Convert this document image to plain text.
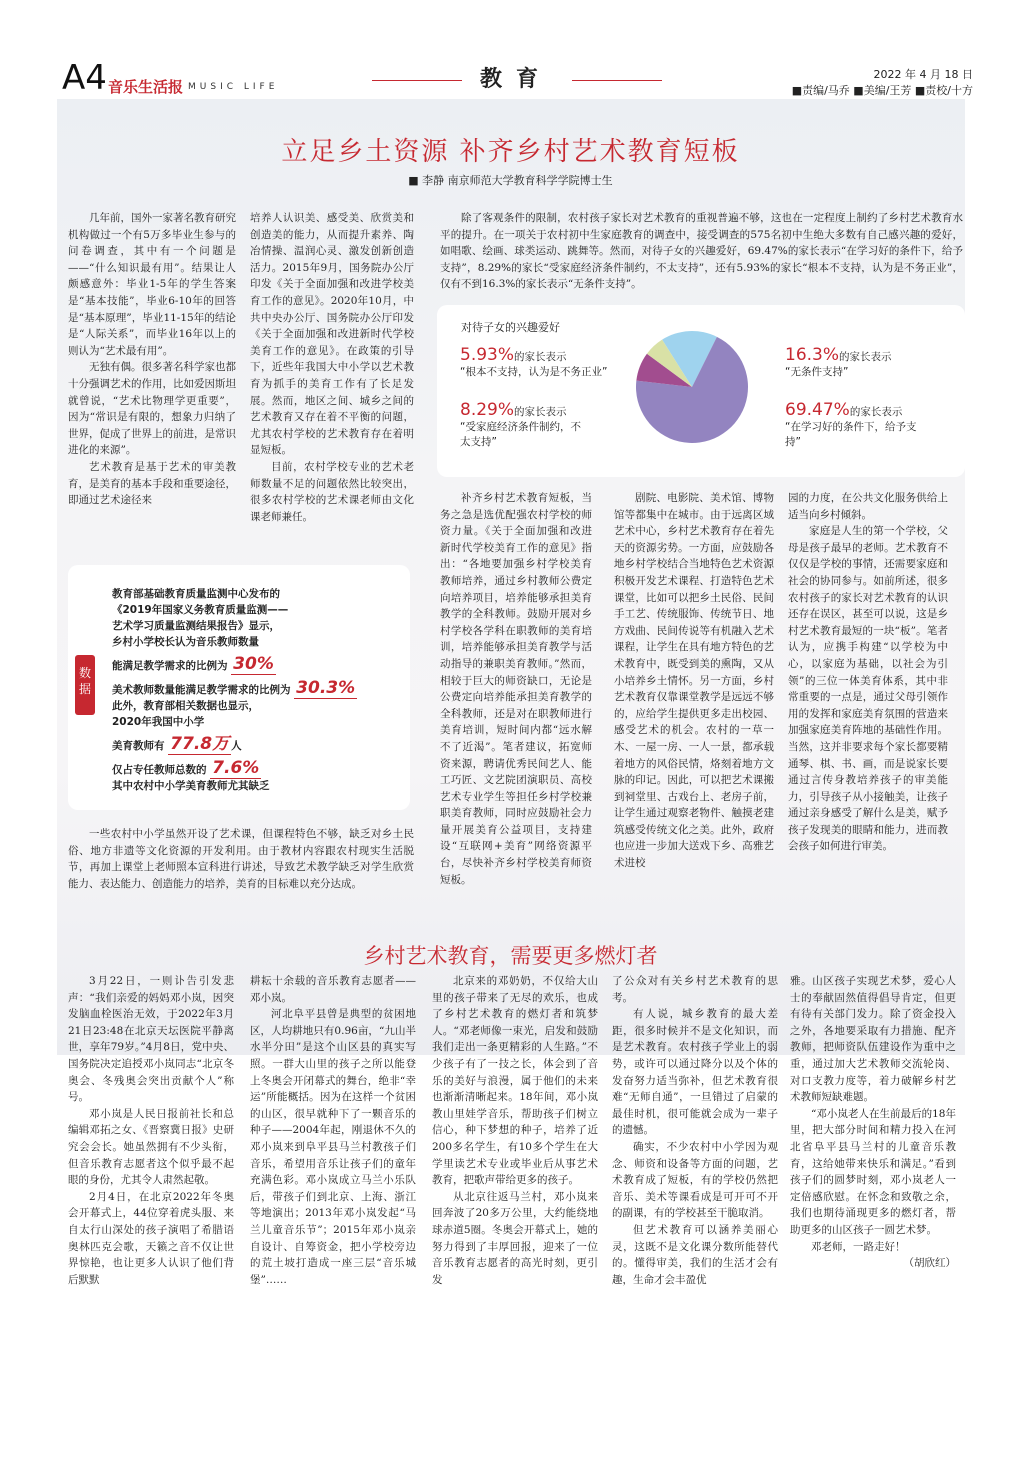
A4 音乐生活报 MUSIC LIFE	教育	2022 年 4 月 18 日
■责编/马乔 ■美编/王芳 ■责校/十方
立足乡土资源 补齐乡村艺术教育短板
■ 李静 南京师范大学教育科学学院博士生

几年前，国外一家著名教育研究机构做过一个有5万多毕业生参与的问卷调查，其中有一个问题是——“什么知识最有用”。结果让人颇感意外：毕业1-5年的学生答案是“基本技能”，毕业6-10年的回答是“基本原理”，毕业11-15年的结论是“人际关系”，而毕业16年以上的则认为“艺术最有用”。

无独有偶。很多著名科学家也都十分强调艺术的作用，比如爱因斯坦就曾说，“艺术比物理学更重要”，因为“常识是有限的，想象力归纳了世界，促成了世界上的前进，是常识进化的来源”。

艺术教育是基于艺术的审美教育，是美育的基本手段和重要途径，即通过艺术途径来

培养人认识美、感受美、欣赏美和创造美的能力，从而提升素养、陶冶情操、温润心灵、激发创新创造活力。2015年9月，国务院办公厅印发《关于全面加强和改进学校美育工作的意见》。2020年10月，中共中央办公厅、国务院办公厅印发《关于全面加强和改进新时代学校美育工作的意见》。在政策的引导下，近些年我国大中小学以艺术教育为抓手的美育工作有了长足发展。然而，地区之间、城乡之间的艺术教育又存在着不平衡的问题，尤其农村学校的艺术教育存在着明显短板。

目前，农村学校专业的艺术老师数量不足的问题依然比较突出，很多农村学校的艺术课老师由文化课老师兼任。

除了客观条件的限制，农村孩子家长对艺术教育的重视普遍不够，这也在一定程度上制约了乡村艺术教育水平的提升。在一项关于农村初中生家庭教育的调查中，接受调查的575名初中生绝大多数有自己感兴趣的爱好，如唱歌、绘画、球类运动、跳舞等。然而，对待子女的兴趣爱好，69.47%的家长表示“在学习好的条件下，给予支持”，8.29%的家长“受家庭经济条件制约，不太支持”，还有5.93%的家长“根本不支持，认为是不务正业”，仅有不到16.3%的家长表示“无条件支持”。

对待子女的兴趣爱好
5.93%的家长表示
“根本不支持，认为是不务正业”
8.29%的家长表示
“受家庭经济条件制约，不太支持”
16.3%的家长表示
“无条件支持”
69.47%的家长表示
“在学习好的条件下，给予支持”
数据
教育部基础教育质量监测中心发布的
《2019年国家义务教育质量监测——
艺术学习质量监测结果报告》显示，
乡村小学校长认为音乐教师数量
能满足教学需求的比例为 30%
美术教师数量能满足教学需求的比例为 30.3%
此外，教育部相关数据也显示，
2020年我国中小学
美育教师有 77.8万 人
仅占专任教师总数的 7.6%
其中农村中小学美育教师尤其缺乏

一些农村中小学虽然开设了艺术课，但课程特色不够，缺乏对乡土民俗、地方非遗等文化资源的开发利用。由于教材内容跟农村现实生活脱节，再加上课堂上老师照本宣科进行讲述，导致艺术教学缺乏对学生欣赏能力、表达能力、创造能力的培养，美育的目标难以充分达成。

补齐乡村艺术教育短板，当务之急是选优配强农村学校的师资力量。《关于全面加强和改进新时代学校美育工作的意见》指出：“各地要加强乡村学校美育教师培养，通过乡村教师公费定向培养项目，培养能够承担美育教学的全科教师。鼓励开展对乡村学校各学科在职教师的美育培训，培养能够承担美育教学与活动指导的兼职美育教师。”然而，相较于巨大的师资缺口，无论是公费定向培养能承担美育教学的全科教师，还是对在职教师进行美育培训，短时间内都“远水解不了近渴”。笔者建议，拓宽师资来源，聘请优秀民间艺人、能工巧匠、文艺院团演职员、高校艺术专业学生等担任乡村学校兼职美育教师，同时应鼓励社会力量开展美育公益项目，支持建设“互联网+美育”网络资源平台，尽快补齐乡村学校美育师资短板。

剧院、电影院、美术馆、博物馆等都集中在城市。由于远离区域艺术中心，乡村艺术教育存在着先天的资源劣势。一方面，应鼓励各地乡村学校结合当地特色艺术资源积极开发艺术课程、打造特色艺术课堂，比如可以把乡土民俗、民间手工艺、传统服饰、传统节日、地方戏曲、民间传说等有机融入艺术课程，让学生在具有地方特色的艺术教育中，既受到美的熏陶，又从小培养乡土情怀。另一方面，乡村艺术教育仅靠课堂教学是远远不够的，应给学生提供更多走出校园、感受艺术的机会。农村的一草一木、一屋一房、一人一景，都承载着地方的风俗民情，烙刻着地方文脉的印记。因此，可以把艺术课搬到祠堂里、古戏台上、老房子前，让学生通过观察老物件、触摸老建筑感受传统文化之美。此外，政府也应进一步加大送戏下乡、高雅艺术进校

园的力度，在公共文化服务供给上适当向乡村倾斜。

家庭是人生的第一个学校，父母是孩子最早的老师。艺术教育不仅仅是学校的事情，还需要家庭和社会的协同参与。如前所述，很多农村孩子的家长对艺术教育的认识还存在误区，甚至可以说，这是乡村艺术教育最短的一块“板”。笔者认为，应携手构建“以学校为中心，以家庭为基础，以社会为引领”的三位一体美育体系，其中非常重要的一点是，通过父母引领作用的发挥和家庭美育氛围的营造来加强家庭美育阵地的基础性作用。当然，这并非要求每个家长都要精通琴、棋、书、画，而是说家长要通过言传身教培养孩子的审美能力，引导孩子从小接触美，让孩子通过亲身感受了解什么是美，赋予孩子发现美的眼睛和能力，进而教会孩子如何进行审美。

乡村艺术教育，需要更多燃灯者

3月22日，一则讣告引发悲声：“我们亲爱的妈妈邓小岚，因突发脑血栓医治无效，于2022年3月21日23:48在北京天坛医院平静离世，享年79岁。”4月8日，党中央、国务院决定追授邓小岚同志“北京冬奥会、冬残奥会突出贡献个人”称号。

邓小岚是人民日报前社长和总编辑邓拓之女、《晋察冀日报》史研究会会长。她虽然拥有不少头衔，但音乐教育志愿者这个似乎最不起眼的身份，尤其令人肃然起敬。

2月4日，在北京2022年冬奥会开幕式上，44位穿着虎头服、来自太行山深处的孩子演唱了希腊语奥林匹克会歌，天籁之音不仅让世界惊艳，也让更多人认识了他们背后默默

耕耘十余载的音乐教育志愿者——邓小岚。

河北阜平县曾是典型的贫困地区，人均耕地只有0.96亩，“九山半水半分田”是这个山区县的真实写照。一群大山里的孩子之所以能登上冬奥会开闭幕式的舞台，绝非“幸运”所能概括。因为在这样一个贫困的山区，很早就种下了一颗音乐的种子——2004年起，刚退休不久的邓小岚来到阜平县马兰村教孩子们音乐，希望用音乐让孩子们的童年充满色彩。邓小岚成立马兰小乐队后，带孩子们到北京、上海、浙江等地演出；2013年邓小岚发起“马兰儿童音乐节”；2015年邓小岚亲自设计、自筹资金，把小学校旁边的荒土坡打造成一座三层“音乐城堡”……

北京来的邓奶奶，不仅给大山里的孩子带来了无尽的欢乐，也成了乡村艺术教育的燃灯者和筑梦人。“邓老师像一束光，启发和鼓励我们走出一条更精彩的人生路。”不少孩子有了一技之长，体会到了音乐的美好与浪漫，属于他们的未来也渐渐清晰起来。18年间，邓小岚教山里娃学音乐，帮助孩子们树立信心，种下梦想的种子，培养了近200多名学生，有10多个学生在大学里读艺术专业或毕业后从事艺术教育，把歌声带给更多的孩子。

从北京往返马兰村，邓小岚来回奔波了20多万公里，大约能绕地球赤道5圈。冬奥会开幕式上，她的努力得到了丰厚回报，迎来了一位音乐教育志愿者的高光时刻，更引发

了公众对有关乡村艺术教育的思考。

有人说，城乡教育的最大差距，很多时候并不是文化知识，而是艺术教育。农村孩子学业上的弱势，或许可以通过降分以及个体的发奋努力适当弥补，但艺术教育很难“无师自通”，一旦错过了启蒙的最佳时机，很可能就会成为一辈子的遗憾。

确实，不少农村中小学因为观念、师资和设备等方面的问题，艺术教育成了短板，有的学校仍然把音乐、美术等课看成是可开可不开的副课，有的学校甚至干脆取消。

但艺术教育可以涵养美丽心灵，这既不是文化课分数所能替代的。懂得审美，我们的生活才会有趣，生命才会丰盈优

雅。山区孩子实现艺术梦，爱心人士的奉献固然值得倡导肯定，但更有待有关部门发力。除了资金投入之外，各地要采取有力措施、配齐教师，把师资队伍建设作为重中之重，通过加大艺术教师交流轮岗、对口支教力度等，着力破解乡村艺术教师短缺难题。

“邓小岚老人在生前最后的18年里，把大部分时间和精力投入在河北省阜平县马兰村的儿童音乐教育，这给她带来快乐和满足。”看到孩子们的圆梦时刻，邓小岚老人一定倍感欣慰。在怀念和致敬之余，我们也期待涌现更多的燃灯者，帮助更多的山区孩子一圆艺术梦。

邓老师，一路走好！

（胡欣红）
